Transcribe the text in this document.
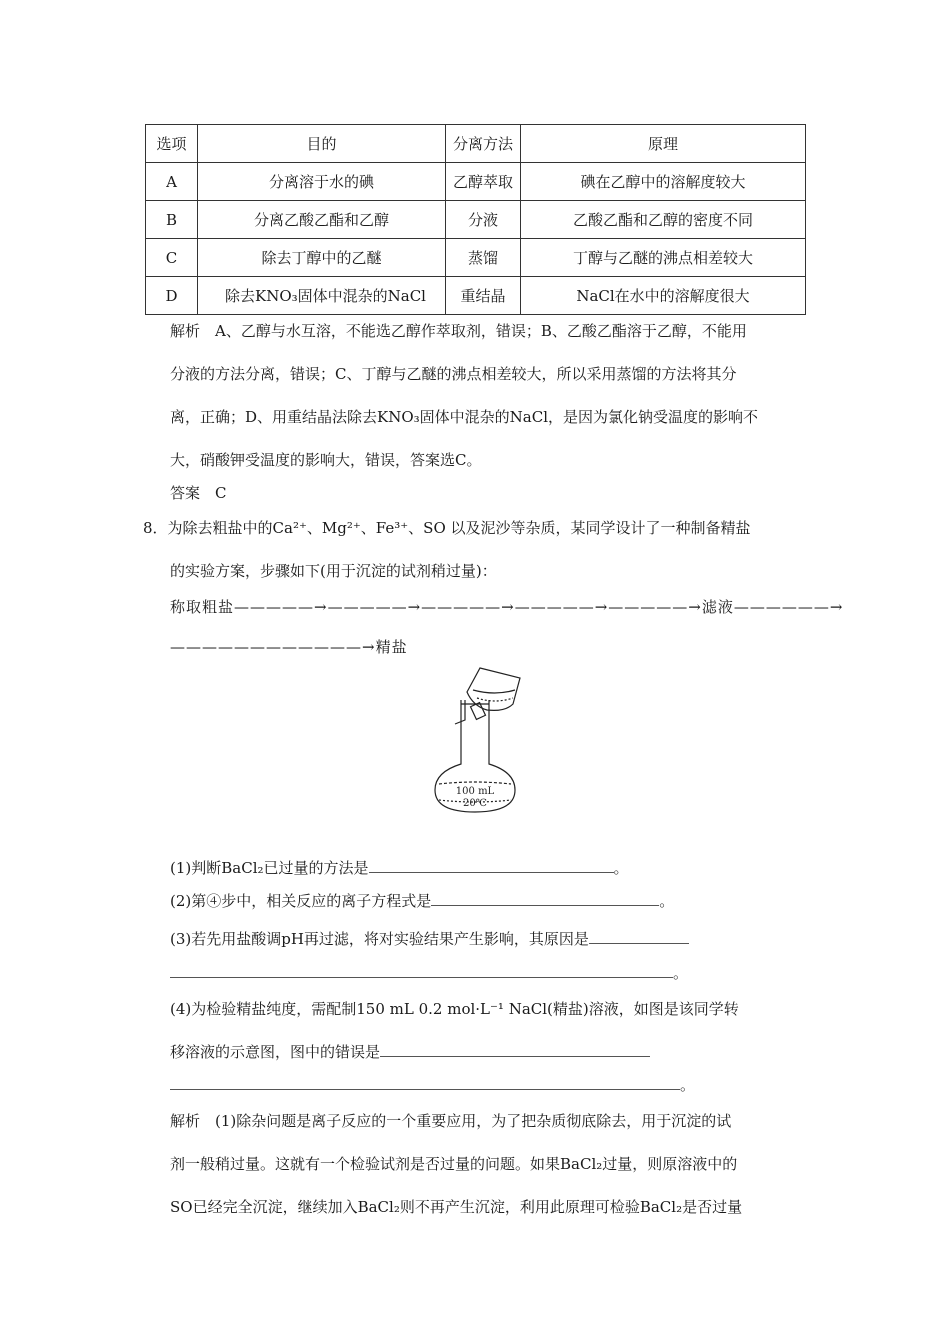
选项	目的	分离方法	原理
A	分离溶于水的碘	乙醇萃取	碘在乙醇中的溶解度较大
B	分离乙酸乙酯和乙醇	分液	乙酸乙酯和乙醇的密度不同
C	除去丁醇中的乙醚	蒸馏	丁醇与乙醚的沸点相差较大
D	除去KNO₃固体中混杂的NaCl	重结晶	NaCl在水中的溶解度很大
解析　A、乙醇与水互溶，不能选乙醇作萃取剂，错误；B、乙酸乙酯溶于乙醇，不能用
分液的方法分离，错误；C、丁醇与乙醚的沸点相差较大，所以采用蒸馏的方法将其分
离，正确；D、用重结晶法除去KNO₃固体中混杂的NaCl，是因为氯化钠受温度的影响不
大，硝酸钾受温度的影响大，错误，答案选C。
答案　C
8．为除去粗盐中的Ca²⁺、Mg²⁺、Fe³⁺、SO 以及泥沙等杂质，某同学设计了一种制备精盐
的实验方案，步骤如下(用于沉淀的试剂稍过量)：
称取粗盐—————→—————→—————→—————→—————→滤液——————→
————————————→精盐
100 mL
20℃
(1)判断BaCl₂已过量的方法是	。
(2)第④步中，相关反应的离子方程式是	。
(3)若先用盐酸调pH再过滤，将对实验结果产生影响，其原因是
。
(4)为检验精盐纯度，需配制150 mL 0.2 mol·L⁻¹ NaCl(精盐)溶液，如图是该同学转
移溶液的示意图，图中的错误是
。
解析　(1)除杂问题是离子反应的一个重要应用，为了把杂质彻底除去，用于沉淀的试
剂一般稍过量。这就有一个检验试剂是否过量的问题。如果BaCl₂过量，则原溶液中的
SO已经完全沉淀，继续加入BaCl₂则不再产生沉淀，利用此原理可检验BaCl₂是否过量
